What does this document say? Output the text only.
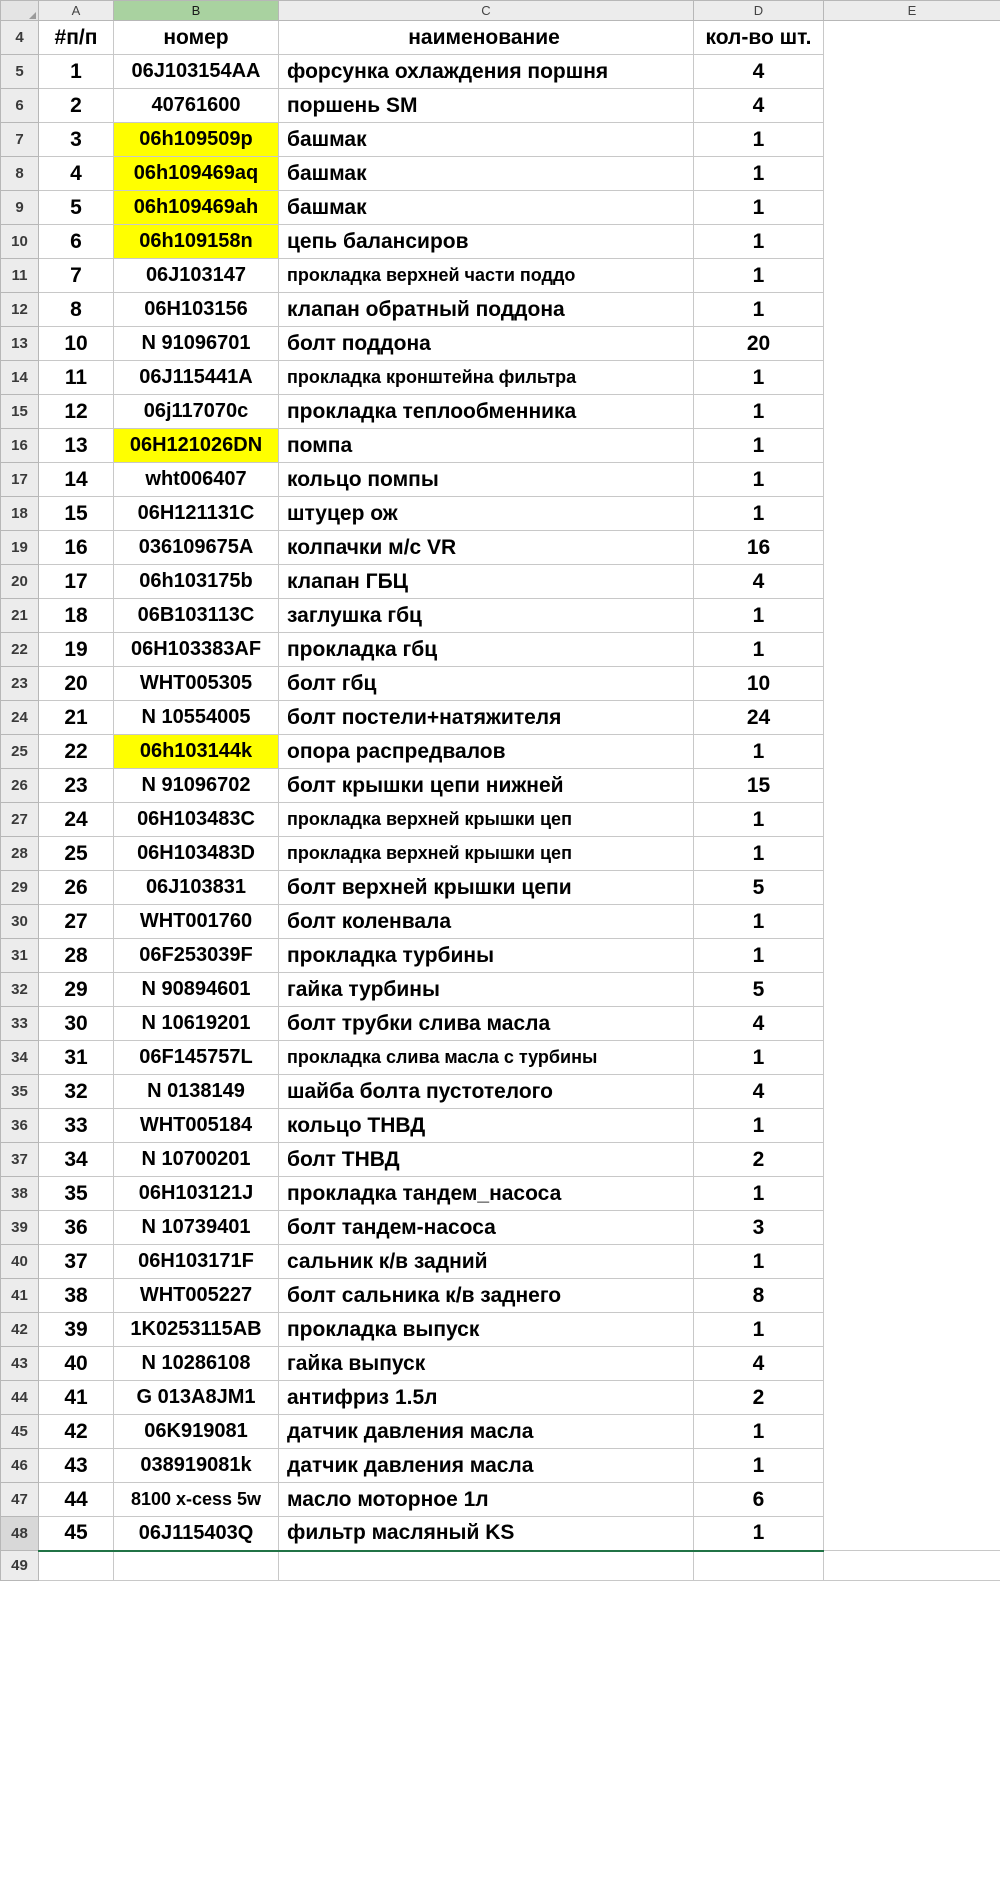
	A	B	C	D	E
4	#п/п	номер	наименование	кол-во шт.	
5	1	06J103154AA	форсунка охлаждения поршня	4	
6	2	40761600	поршень SM	4	
7	3	06h109509p	башмак	1	
8	4	06h109469aq	башмак	1	
9	5	06h109469ah	башмак	1	
10	6	06h109158n	цепь балансиров	1	
11	7	06J103147	прокладка верхней части поддо	1	
12	8	06H103156	клапан обратный поддона	1	
13	10	N 91096701	болт поддона	20	
14	11	06J115441A	прокладка кронштейна фильтра	1	
15	12	06j117070c	прокладка теплообменника	1	
16	13	06H121026DN	помпа	1	
17	14	wht006407	кольцо помпы	1	
18	15	06H121131C	штуцер ож	1	
19	16	036109675A	колпачки м/с VR	16	
20	17	06h103175b	клапан ГБЦ	4	
21	18	06B103113C	заглушка гбц	1	
22	19	06H103383AF	прокладка гбц	1	
23	20	WHT005305	болт гбц	10	
24	21	N 10554005	болт постели+натяжителя	24	
25	22	06h103144k	опора распредвалов	1	
26	23	N 91096702	болт крышки цепи нижней	15	
27	24	06H103483C	прокладка верхней крышки цеп	1	
28	25	06H103483D	прокладка верхней крышки цеп	1	
29	26	06J103831	болт верхней крышки цепи	5	
30	27	WHT001760	болт коленвала	1	
31	28	06F253039F	прокладка турбины	1	
32	29	N 90894601	гайка турбины	5	
33	30	N 10619201	болт трубки слива масла	4	
34	31	06F145757L	прокладка слива масла с турбины	1	
35	32	N 0138149	шайба болта пустотелого	4	
36	33	WHT005184	кольцо ТНВД	1	
37	34	N 10700201	болт ТНВД	2	
38	35	06H103121J	прокладка тандем_насоса	1	
39	36	N 10739401	болт тандем-насоса	3	
40	37	06H103171F	сальник к/в задний	1	
41	38	WHT005227	болт сальника к/в заднего	8	
42	39	1K0253115AB	прокладка выпуск	1	
43	40	N 10286108	гайка выпуск	4	
44	41	G 013A8JM1	антифриз 1.5л	2	
45	42	06K919081	датчик давления масла	1	
46	43	038919081k	датчик давления масла	1	
47	44	8100 x-cess 5w	масло моторное 1л	6	
48	45	06J115403Q	фильтр масляный KS	1	
49					
